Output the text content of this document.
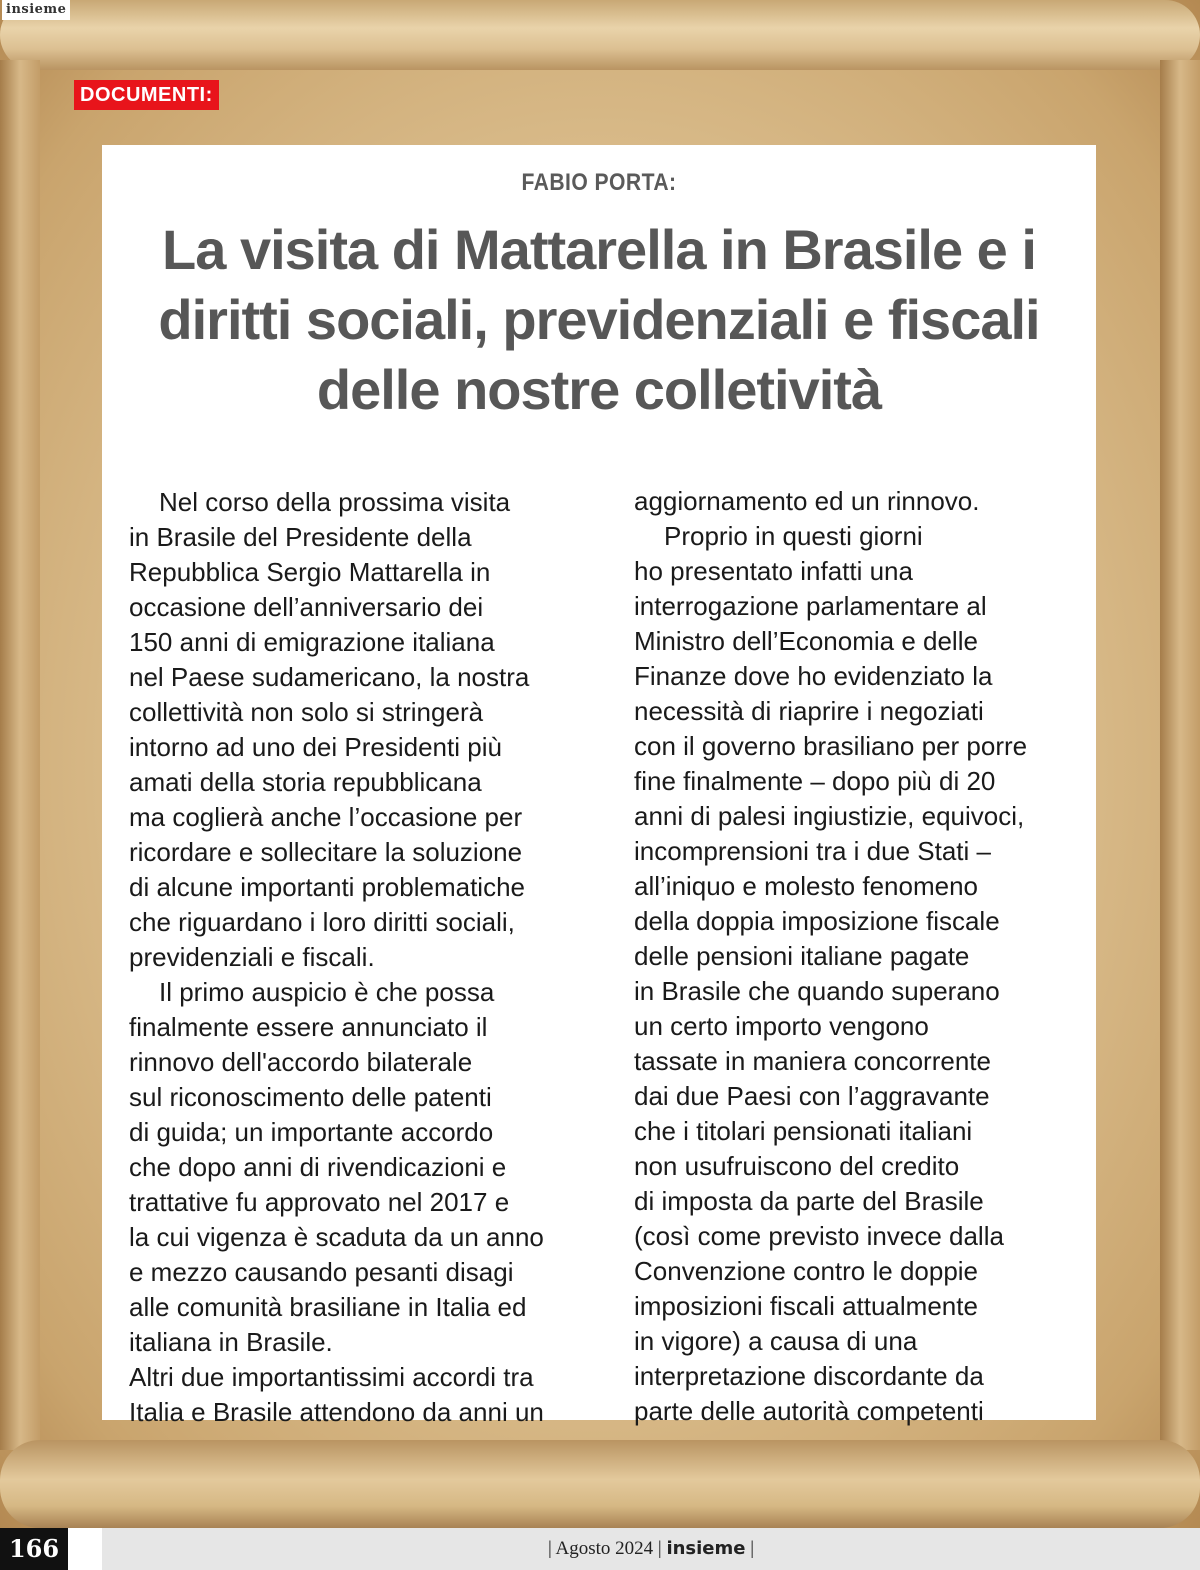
insieme
DOCUMENTI:
FABIO PORTA:
La visita di Mattarella in Brasile e i
diritti sociali, previdenziali e fiscali
delle nostre colletività
Nel corso della prossima visita
in Brasile del Presidente della
Repubblica Sergio Mattarella in
occasione dell’anniversario dei
150 anni di emigrazione italiana
nel Paese sudamericano, la nostra
collettività non solo si stringerà
intorno ad uno dei Presidenti più
amati della storia repubblicana
ma coglierà anche l’occasione per
ricordare e sollecitare la soluzione
di alcune importanti problematiche
che riguardano i loro diritti sociali,
previdenziali e fiscali.
Il primo auspicio è che possa
finalmente essere annunciato il
rinnovo dell'accordo bilaterale
sul riconoscimento delle patenti
di guida; un importante accordo
che dopo anni di rivendicazioni e
trattative fu approvato nel 2017 e
la cui vigenza è scaduta da un anno
e mezzo causando pesanti disagi
alle comunità brasiliane in Italia ed
italiana in Brasile.
Altri due importantissimi accordi tra
Italia e Brasile attendono da anni un
aggiornamento ed un rinnovo.
Proprio in questi giorni
ho presentato infatti una
interrogazione parlamentare al
Ministro dell’Economia e delle
Finanze dove ho evidenziato la
necessità di riaprire i negoziati
con il governo brasiliano per porre
fine finalmente – dopo più di 20
anni di palesi ingiustizie, equivoci,
incomprensioni tra i due Stati –
all’iniquo e molesto fenomeno
della doppia imposizione fiscale
delle pensioni italiane pagate
in Brasile che quando superano
un certo importo vengono
tassate in maniera concorrente
dai due Paesi con l’aggravante
che i titolari pensionati italiani
non usufruiscono del credito
di imposta da parte del Brasile
(così come previsto invece dalla
Convenzione contro le doppie
imposizioni fiscali attualmente
in vigore) a causa di una
interpretazione discordante da
parte delle autorità competenti
166	| Agosto 2024 | insieme |
